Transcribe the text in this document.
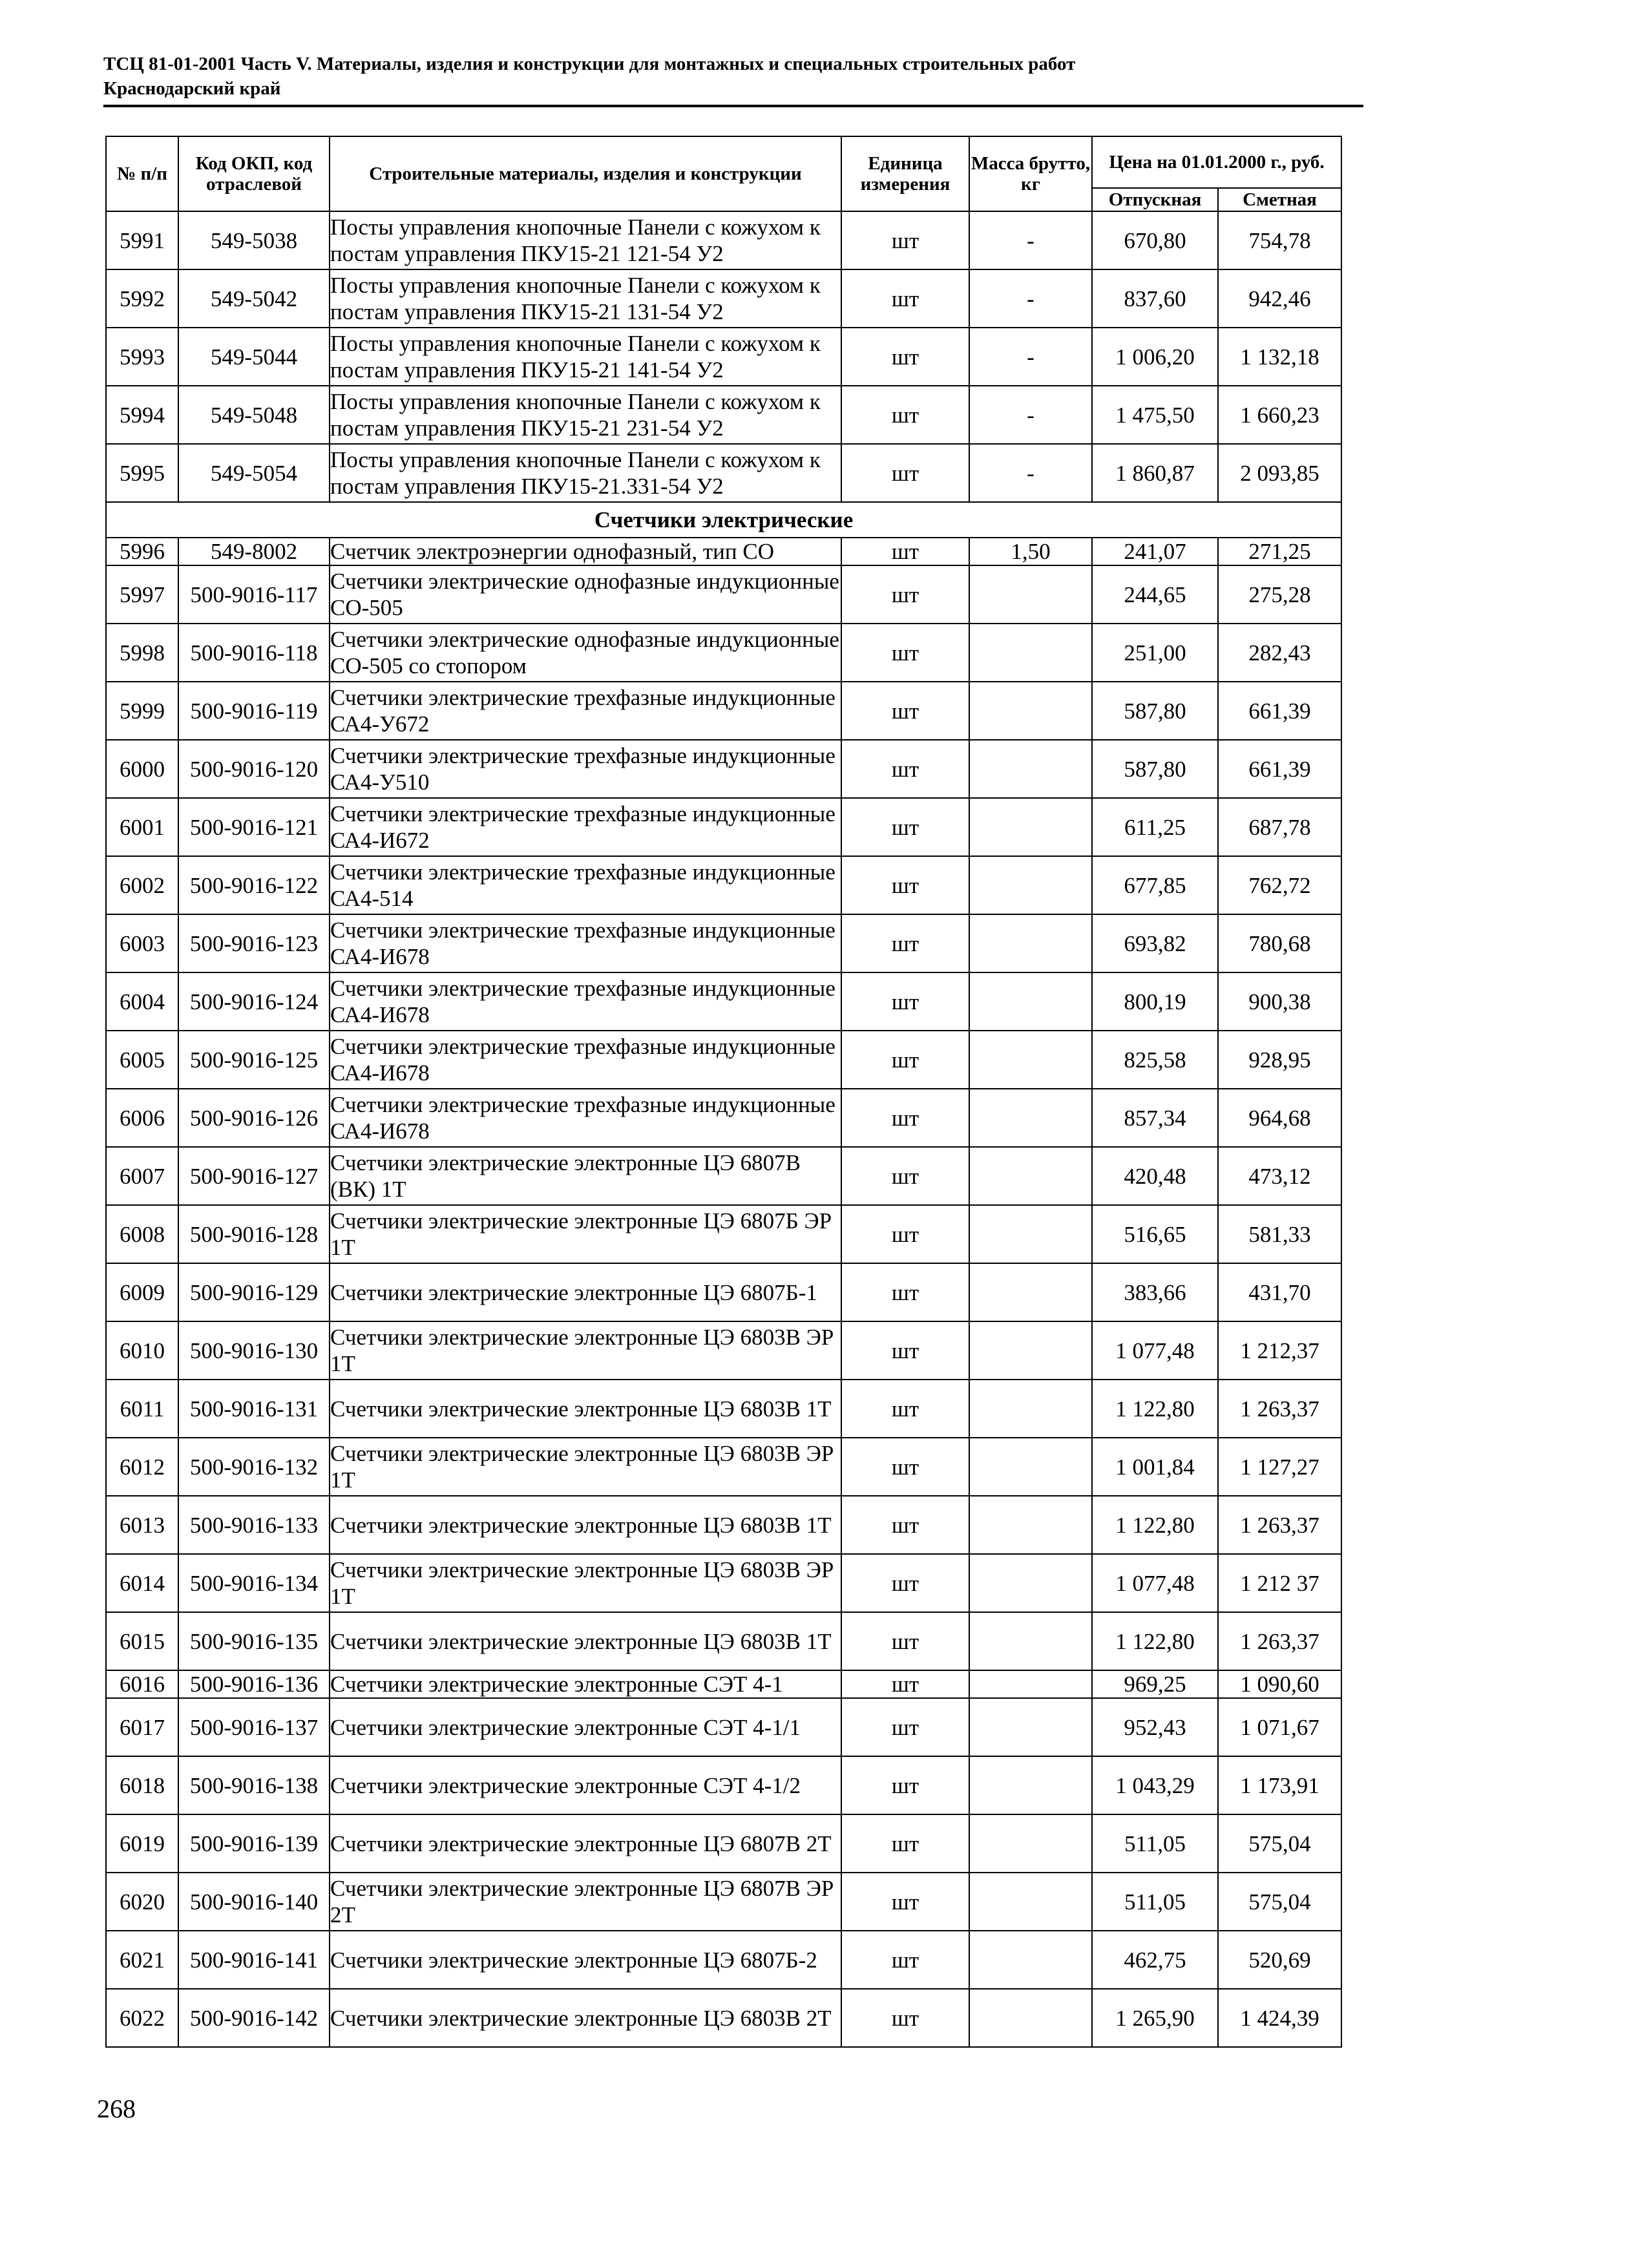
ТСЦ 81-01-2001 Часть V. Материалы, изделия и конструкции для монтажных и специальных строительных работ
Краснодарский край
№ п/п	Код ОКП, код отраслевой	Строительные материалы, изделия и конструкции	Единица измерения	Масса брутто, кг	Цена на 01.01.2000 г., руб.	
					Отпускная	Сметная
5991	549-5038	Посты управления кнопочные Панели с кожухом к постам управления ПКУ15-21 121-54 У2	шт	-	670,80	754,78
5992	549-5042	Посты управления кнопочные Панели с кожухом к постам управления ПКУ15-21 131-54 У2	шт	-	837,60	942,46
5993	549-5044	Посты управления кнопочные Панели с кожухом к постам управления ПКУ15-21 141-54 У2	шт	-	1 006,20	1 132,18
5994	549-5048	Посты управления кнопочные Панели с кожухом к постам управления ПКУ15-21 231-54 У2	шт	-	1 475,50	1 660,23
5995	549-5054	Посты управления кнопочные Панели с кожухом к постам управления ПКУ15-21.331-54 У2	шт	-	1 860,87	2 093,85
Счетчики электрические						
5996	549-8002	Счетчик электроэнергии однофазный, тип СО	шт	1,50	241,07	271,25
5997	500-9016-117	Счетчики электрические однофазные индукционные СО-505	шт		244,65	275,28
5998	500-9016-118	Счетчики электрические однофазные индукционные СО-505 со стопором	шт		251,00	282,43
5999	500-9016-119	Счетчики электрические трехфазные индукционные СА4-У672	шт		587,80	661,39
6000	500-9016-120	Счетчики электрические трехфазные индукционные СА4-У510	шт		587,80	661,39
6001	500-9016-121	Счетчики электрические трехфазные индукционные СА4-И672	шт		611,25	687,78
6002	500-9016-122	Счетчики электрические трехфазные индукционные СА4-514	шт		677,85	762,72
6003	500-9016-123	Счетчики электрические трехфазные индукционные СА4-И678	шт		693,82	780,68
6004	500-9016-124	Счетчики электрические трехфазные индукционные СА4-И678	шт		800,19	900,38
6005	500-9016-125	Счетчики электрические трехфазные индукционные СА4-И678	шт		825,58	928,95
6006	500-9016-126	Счетчики электрические трехфазные индукционные СА4-И678	шт		857,34	964,68
6007	500-9016-127	Счетчики электрические электронные ЦЭ 6807В (ВК) 1Т	шт		420,48	473,12
6008	500-9016-128	Счетчики электрические электронные ЦЭ 6807Б ЭР 1Т	шт		516,65	581,33
6009	500-9016-129	Счетчики электрические электронные ЦЭ 6807Б-1	шт		383,66	431,70
6010	500-9016-130	Счетчики электрические электронные ЦЭ 6803В ЭР 1Т	шт		1 077,48	1 212,37
6011	500-9016-131	Счетчики электрические электронные ЦЭ 6803В 1Т	шт		1 122,80	1 263,37
6012	500-9016-132	Счетчики электрические электронные ЦЭ 6803В ЭР 1Т	шт		1 001,84	1 127,27
6013	500-9016-133	Счетчики электрические электронные ЦЭ 6803В 1Т	шт		1 122,80	1 263,37
6014	500-9016-134	Счетчики электрические электронные ЦЭ 6803В ЭР 1Т	шт		1 077,48	1 212 37
6015	500-9016-135	Счетчики электрические электронные ЦЭ 6803В 1Т	шт		1 122,80	1 263,37
6016	500-9016-136	Счетчики электрические электронные СЭТ 4-1	шт		969,25	1 090,60
6017	500-9016-137	Счетчики электрические электронные СЭТ 4-1/1	шт		952,43	1 071,67
6018	500-9016-138	Счетчики электрические электронные СЭТ 4-1/2	шт		1 043,29	1 173,91
6019	500-9016-139	Счетчики электрические электронные ЦЭ 6807В 2Т	шт		511,05	575,04
6020	500-9016-140	Счетчики электрические электронные ЦЭ 6807В ЭР 2Т	шт		511,05	575,04
6021	500-9016-141	Счетчики электрические электронные ЦЭ 6807Б-2	шт		462,75	520,69
6022	500-9016-142	Счетчики электрические электронные ЦЭ 6803В 2Т	шт		1 265,90	1 424,39
268
